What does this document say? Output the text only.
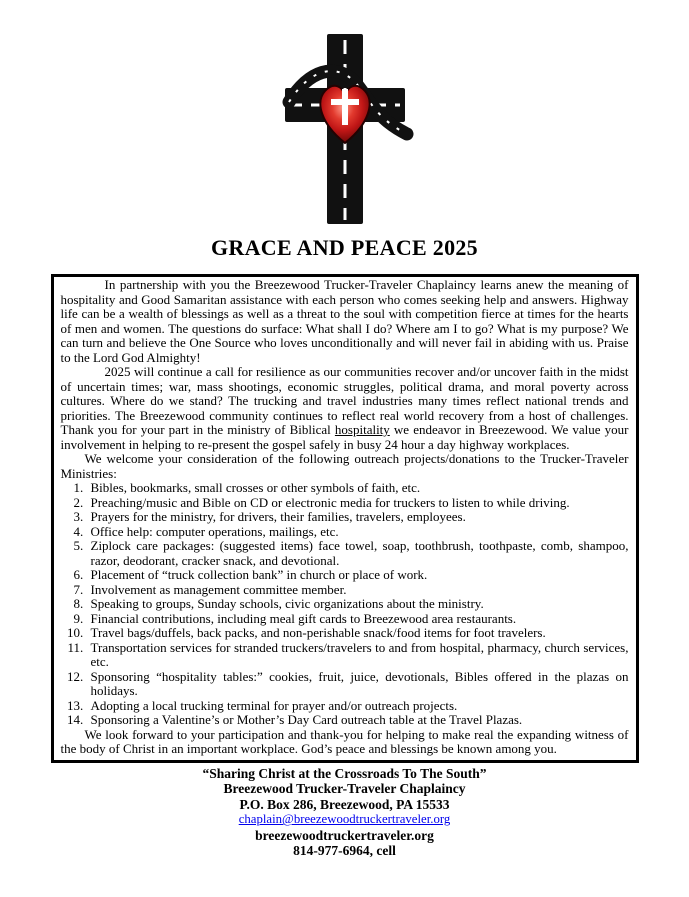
GRACE AND PEACE 2025

In partnership with you the Breezewood Trucker-Traveler Chaplaincy learns anew the meaning of hospitality and Good Samaritan assistance with each person who comes seeking help and answers. Highway life can be a wealth of blessings as well as a threat to the soul with competition fierce at times for the hearts of men and women. The questions do surface: What shall I do? Where am I to go? What is my purpose? We can turn and believe the One Source who loves unconditionally and will never fail in abiding with us. Praise to the Lord God Almighty!

2025 will continue a call for resilience as our communities recover and/or uncover faith in the midst of uncertain times; war, mass shootings, economic struggles, political drama, and moral poverty across cultures. Where do we stand? The trucking and travel industries many times reflect national trends and priorities. The Breezewood community continues to reflect real world recovery from a host of challenges. Thank you for your part in the ministry of Biblical hospitality we endeavor in Breezewood. We value your involvement in helping to re-present the gospel safely in busy 24 hour a day highway workplaces.

We welcome your consideration of the following outreach projects/donations to the Trucker-Traveler Ministries:

1. Bibles, bookmarks, small crosses or other symbols of faith, etc.
2. Preaching/music and Bible on CD or electronic media for truckers to listen to while driving.
3. Prayers for the ministry, for drivers, their families, travelers, employees.
4. Office help: computer operations, mailings, etc.
5. Ziplock care packages: (suggested items) face towel, soap, toothbrush, toothpaste, comb, shampoo, razor, deodorant, cracker snack, and devotional.
6. Placement of “truck collection bank” in church or place of work.
7. Involvement as management committee member.
8. Speaking to groups, Sunday schools, civic organizations about the ministry.
9. Financial contributions, including meal gift cards to Breezewood area restaurants.
10. Travel bags/duffels, back packs, and non-perishable snack/food items for foot travelers.
11. Transportation services for stranded truckers/travelers to and from hospital, pharmacy, church services, etc.
12. Sponsoring “hospitality tables:” cookies, fruit, juice, devotionals, Bibles offered in the plazas on holidays.
13. Adopting a local trucking terminal for prayer and/or outreach projects.
14. Sponsoring a Valentine’s or Mother’s Day Card outreach table at the Travel Plazas.

We look forward to your participation and thank-you for helping to make real the expanding witness of the body of Christ in an important workplace. God’s peace and blessings be known among you.

“Sharing Christ at the Crossroads To The South”
Breezewood Trucker-Traveler Chaplaincy
P.O. Box 286, Breezewood, PA 15533
chaplain@breezewoodtruckertraveler.org
breezewoodtruckertraveler.org
814-977-6964, cell
